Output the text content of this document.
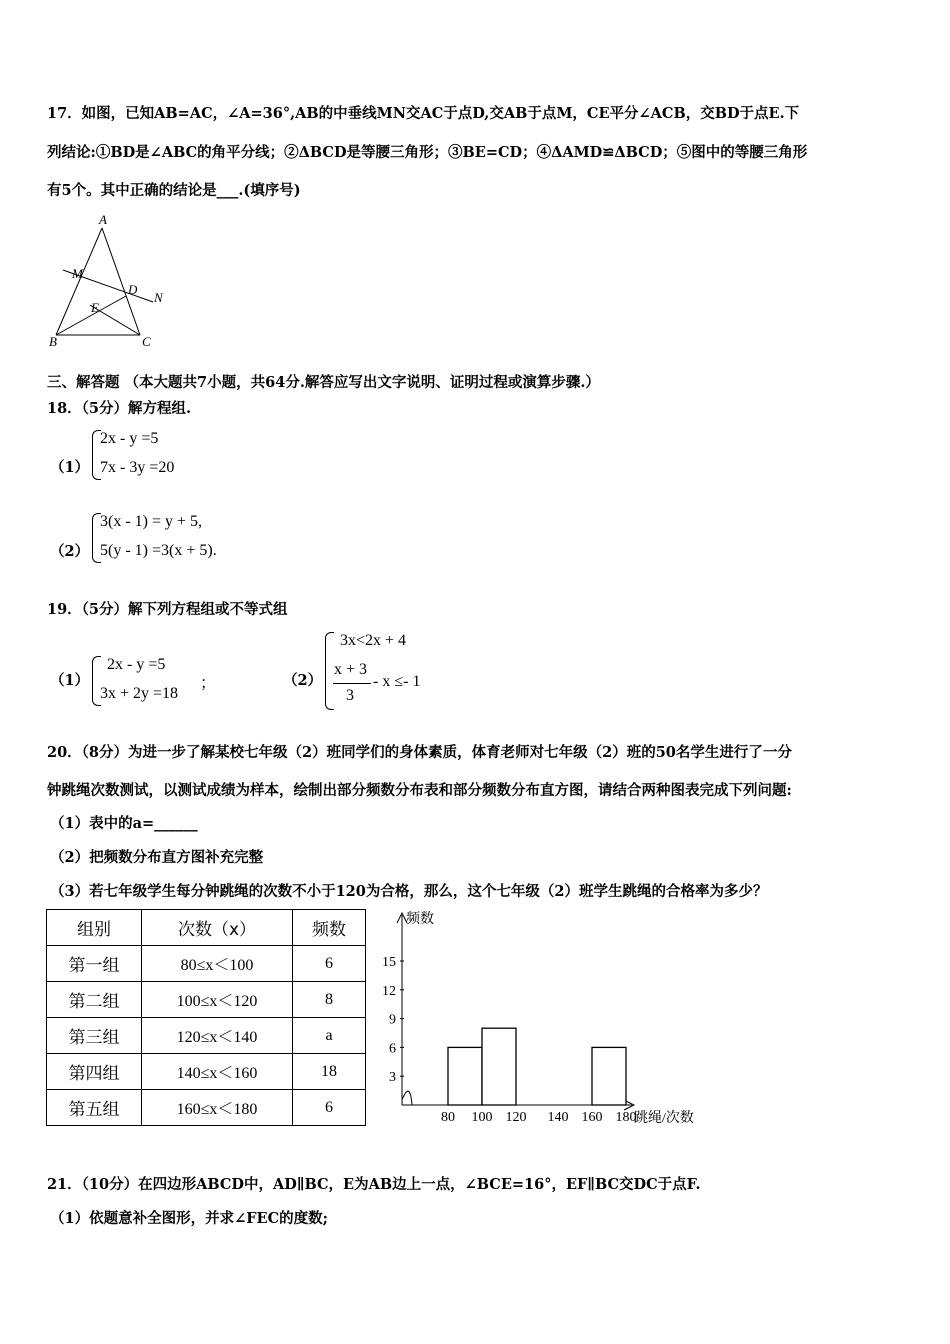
17．如图，已知AB=AC，∠A=36°,AB的中垂线MN交AC于点D,交AB于点M，CE平分∠ACB，交BD于点E.下
列结论:①BD是∠ABC的角平分线；②ΔBCD是等腰三角形；③BE=CD；④ΔAMD≌ΔBCD；⑤图中的等腰三角形
有5个。其中正确的结论是___.(填序号)
A
B	C
D
E
M
N
三、解答题 （本大题共7小题，共64分.解答应写出文字说明、证明过程或演算步骤.）
18．（5分）解方程组.
（1）
2x - y =5
7x - 3y =20
（2）
3(x - 1) = y + 5,
5(y - 1) =3(x + 5).
19．（5分）解下列方程组或不等式组
（1）
2x - y =5
3x + 2y =18
；	（2）
3x<2x + 4
x + 3
3
- x ≤- 1
20．（8分）为进一步了解某校七年级（2）班同学们的身体素质，体育老师对七年级（2）班的50名学生进行了一分
钟跳绳次数测试，以测试成绩为样本，绘制出部分频数分布表和部分频数分布直方图，请结合两种图表完成下列问题:
（1）表中的a=______
（2）把频数分布直方图补充完整
（3）若七年级学生每分钟跳绳的次数不小于120为合格，那么，这个七年级（2）班学生跳绳的合格率为多少？
组别	次数（x）	频数
第一组	80≤x＜100	6
第二组	100≤x＜120	8
第三组	120≤x＜140	a
第四组	140≤x＜160	18
第五组	160≤x＜180	6
频数
跳绳/次数
15
12
9
6
3
80 100 120 140 160 180
21．（10分）在四边形ABCD中，AD∥BC，E为AB边上一点，∠BCE=16°，EF∥BC交DC于点F.
（1）依题意补全图形，并求∠FEC的度数;
